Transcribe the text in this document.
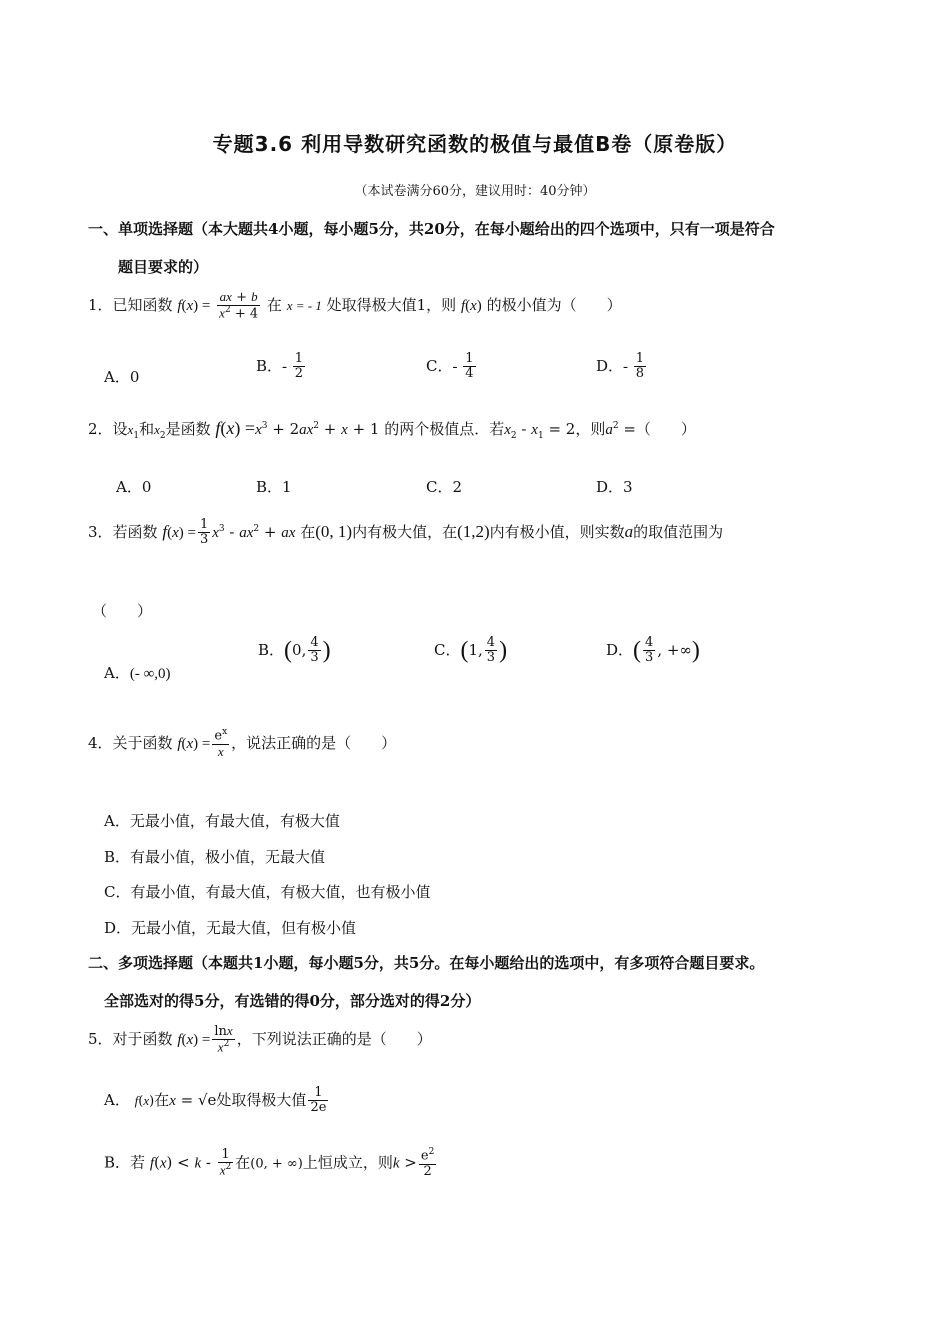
专题3.6 利用导数研究函数的极值与最值B卷（原卷版）
（本试卷满分60分，建议用时：40分钟）
一、单项选择题（本大题共4小题，每小题5分，共20分，在每小题给出的四个选项中，只有一项是符合
题目要求的）
1．已知函数 $f(x) = \frac{ax + b}{x^2 + 4}$ 在 x = - 1 处取得极大值1，则 f(x) 的极小值为（　　）
A．0
B．- $\frac{1}{2}$	C．- $\frac{1}{4}$	D．- $\frac{1}{8}$
2．设$x_1$和$x_2$是函数 $f(x) =x^3 + 2ax^2 + x + 1$ 的两个极值点．若$x_2 - x_1 = 2$，则$a^2$ =（　　）
A．0	B．1	C．2	D．3
3．若函数 $f(x) = \frac{1}{3} x^3 - ax^2$ + ax 在(0, 1)内有极大值，在(1,2)内有极小值，则实数a的取值范围为
（　　）
A．(- ∞,0)
B．(0, $\frac{4}{3}$ )	C．(1, $\frac{4}{3}$ )	D．( $\frac{4}{3}$ , +∞)
4．关于函数 $f(x) = \frac{e^x}{x}$ ，说法正确的是（　　）
A．无最小值，有最大值，有极大值
B．有最小值，极小值，无最大值
C．有最小值，有最大值，有极大值，也有极小值
D．无最小值，无最大值，但有极小值
二、多项选择题（本题共1小题，每小题5分，共5分。在每小题给出的选项中，有多项符合题目要求。
全部选对的得5分，有选错的得0分，部分选对的得2分）
5．对于函数 $f(x) = \frac{\ln x}{x^2}$ ，下列说法正确的是（　　）
A． f(x)在x = √e处取得极大值 $\frac{1}{2e}$
B．若 $f(x) < k - \frac{1}{x^2}$ 在(0, + ∞)上恒成立，则$k > \frac{e^2}{2}$
